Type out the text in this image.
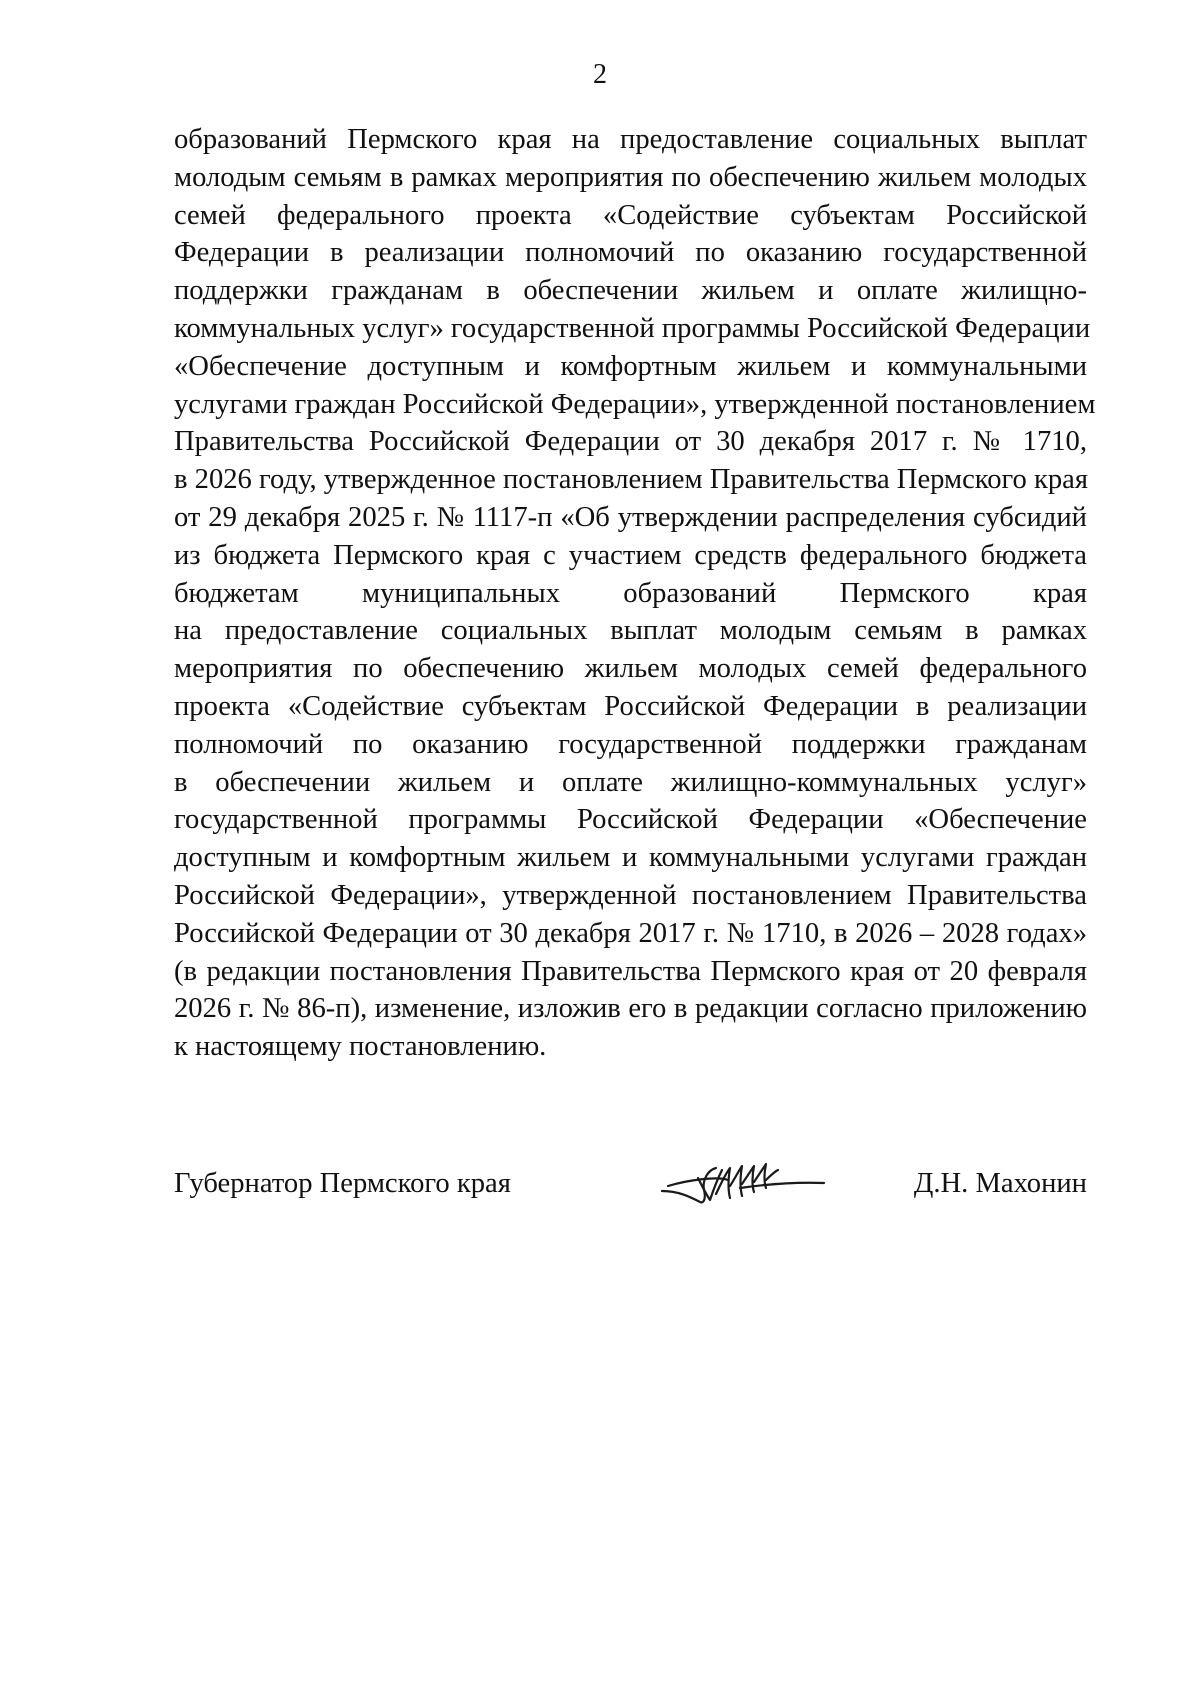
2
образований Пермского края на предоставление социальных выплат
молодым семьям в рамках мероприятия по обеспечению жильем молодых
семей федерального проекта «Содействие субъектам Российской
Федерации в реализации полномочий по оказанию государственной
поддержки гражданам в обеспечении жильем и оплате жилищно-
коммунальных услуг» государственной программы Российской Федерации
«Обеспечение доступным и комфортным жильем и коммунальными
услугами граждан Российской Федерации», утвержденной постановлением
Правительства Российской Федерации от 30 декабря 2017 г. № 1710,
в 2026 году, утвержденное постановлением Правительства Пермского края
от 29 декабря 2025 г. № 1117-п «Об утверждении распределения субсидий
из бюджета Пермского края с участием средств федерального бюджета
бюджетам муниципальных образований Пермского края
на предоставление социальных выплат молодым семьям в рамках
мероприятия по обеспечению жильем молодых семей федерального
проекта «Содействие субъектам Российской Федерации в реализации
полномочий по оказанию государственной поддержки гражданам
в обеспечении жильем и оплате жилищно-коммунальных услуг»
государственной программы Российской Федерации «Обеспечение
доступным и комфортным жильем и коммунальными услугами граждан
Российской Федерации», утвержденной постановлением Правительства
Российской Федерации от 30 декабря 2017 г. № 1710, в 2026 – 2028 годах»
(в редакции постановления Правительства Пермского края от 20 февраля
2026 г. № 86-п), изменение, изложив его в редакции согласно приложению
к настоящему постановлению.
Губернатор Пермского края	Д.Н. Махонин
